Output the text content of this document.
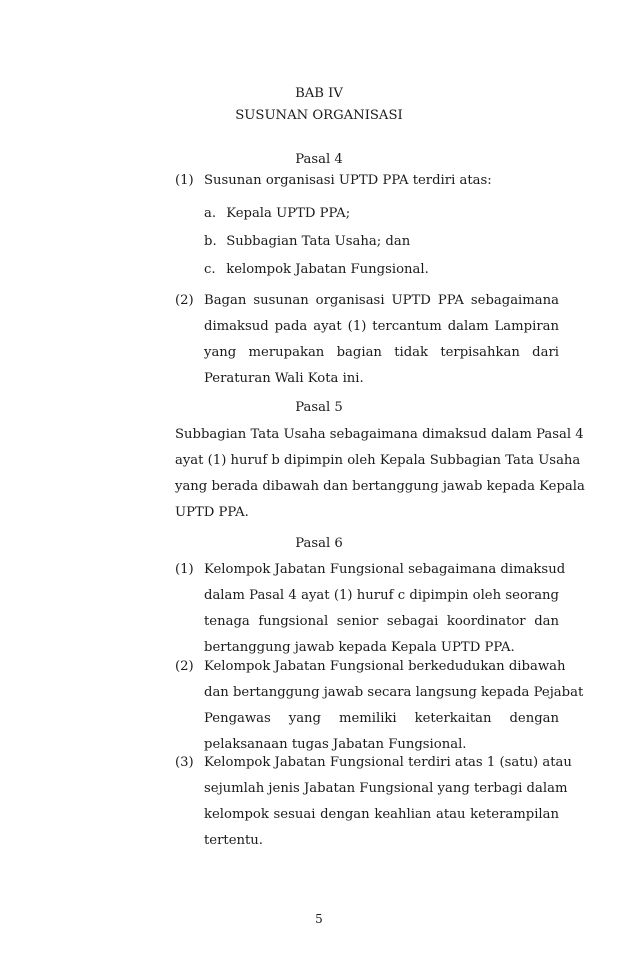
BAB IV
SUSUNAN ORGANISASI
Pasal 4
(1) Susunan organisasi UPTD PPA terdiri atas:
a. Kepala UPTD PPA;
b. Subbagian Tata Usaha; dan
c. kelompok Jabatan Fungsional.
(2) Bagan susunan organisasi UPTD PPA sebagaimana
dimaksud pada ayat (1) tercantum dalam Lampiran
yang merupakan bagian tidak terpisahkan dari
Peraturan Wali Kota ini.
Pasal 5
Subbagian Tata Usaha sebagaimana dimaksud dalam Pasal 4
ayat (1) huruf b dipimpin oleh Kepala Subbagian Tata Usaha
yang berada dibawah dan bertanggung jawab kepada Kepala
UPTD PPA.
Pasal 6
(1) Kelompok Jabatan Fungsional sebagaimana dimaksud
dalam Pasal 4 ayat (1) huruf c dipimpin oleh seorang
tenaga fungsional senior sebagai koordinator dan
bertanggung jawab kepada Kepala UPTD PPA.
(2) Kelompok Jabatan Fungsional berkedudukan dibawah
dan bertanggung jawab secara langsung kepada Pejabat
Pengawas yang memiliki keterkaitan dengan
pelaksanaan tugas Jabatan Fungsional.
(3) Kelompok Jabatan Fungsional terdiri atas 1 (satu) atau
sejumlah jenis Jabatan Fungsional yang terbagi dalam
kelompok sesuai dengan keahlian atau keterampilan
tertentu.
5
